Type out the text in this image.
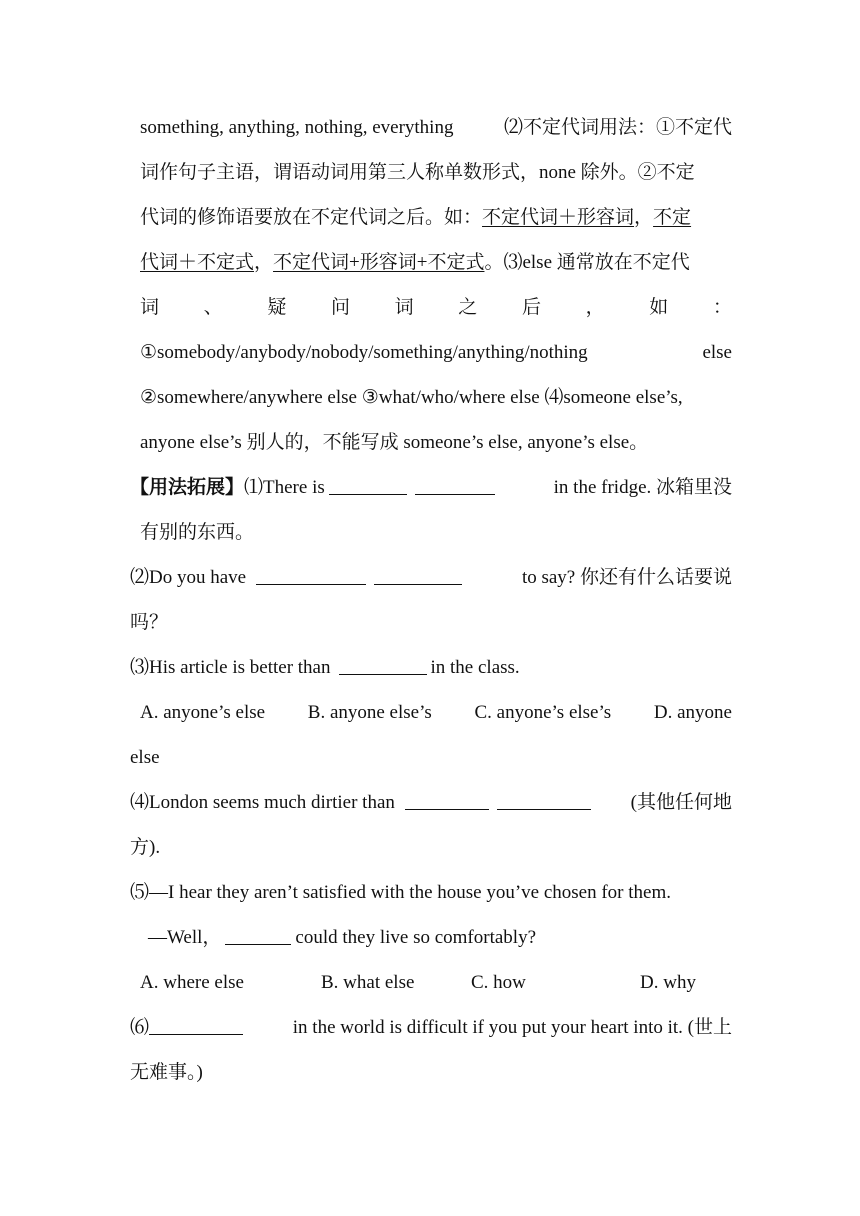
something, anything, nothing, everything	⑵不定代词用法：①不定代
词作句子主语，谓语动词用第三人称单数形式，none 除外。②不定
代词的修饰语要放在不定代词之后。如：不定代词＋形容词，不定
代词＋不定式，不定代词+形容词+不定式。⑶else 通常放在不定代
词 、 疑 问 词 之 后 ， 如 ：
①somebody/anybody/nobody/something/anything/nothing	else
②somewhere/anywhere else ③what/who/where else ⑷someone else’s,
anyone else’s 别人的，不能写成 someone’s else, anyone’s else。
【用法拓展】⑴There is	in the fridge. 冰箱里没
有别的东西。
⑵Do you have	to say? 你还有什么话要说
吗？
⑶His article is better than	in the class.
A. anyone’s else B. anyone else’s C. anyone’s else’s D. anyone
else
⑷London seems much dirtier than	(其他任何地
方).
⑸—I hear they aren’t satisfied with the house you’ve chosen for them.
—Well，	could they live so comfortably?
A. where else	B. what else	C. how	D. why
⑹	in the world is difficult if you put your heart into it. (世上
无难事。)
